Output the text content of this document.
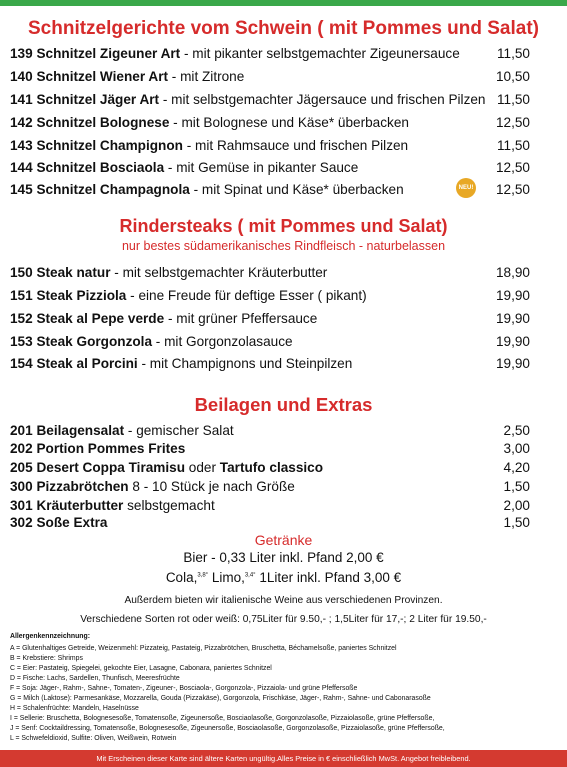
Schnitzelgerichte vom Schwein ( mit Pommes und Salat)
139 Schnitzel Zigeuner Art - mit pikanter selbstgemachter Zigeunersauce	11,50
140 Schnitzel Wiener Art - mit Zitrone	10,50
141 Schnitzel Jäger Art - mit selbstgemachter Jägersauce und frischen Pilzen 11,50
142 Schnitzel Bolognese - mit Bolognese und Käse* überbacken	12,50
143 Schnitzel Champignon - mit Rahmsauce und frischen Pilzen	11,50
144 Schnitzel Bosciaola - mit Gemüse in pikanter Sauce	12,50
145 Schnitzel Champagnola - mit Spinat und Käse* überbacken	12,50
NEU!
Rindersteaks ( mit Pommes und Salat)
nur bestes südamerikanisches Rindfleisch - naturbelassen
150 Steak natur - mit selbstgemachter Kräuterbutter	18,90
151 Steak Pizziola - eine Freude für deftige Esser ( pikant)	19,90
152 Steak al Pepe verde - mit grüner Pfeffersauce	19,90
153 Steak Gorgonzola - mit Gorgonzolasauce	19,90
154 Steak al Porcini - mit Champignons und Steinpilzen	19,90
Beilagen und Extras
201 Beilagensalat - gemischer Salat	2,50
202 Portion Pommes Frites	3,00
205 Desert Coppa Tiramisu oder Tartufo classico	4,20
300 Pizzabrötchen 8 - 10 Stück je nach Größe	1,50
301 Kräuterbutter selbstgemacht	2,00
302 Soße Extra	1,50
Getränke
Bier - 0,33 Liter inkl. Pfand 2,00 €
Cola,$^{3,8^\circ}$ Limo,$^{3,4^\circ}$ 1Liter inkl. Pfand 3,00 €
Außerdem bieten wir italienische Weine aus verschiedenen Provinzen.
Verschiedene Sorten rot oder weiß: 0,75Liter für 9.50,- ; 1,5Liter für 17,-; 2 Liter für 19.50,-
Allergenkennzeichnung:
A = Glutenhaltiges Getreide, Weizenmehl: Pizzateig, Pastateig, Pizzabrötchen, Bruschetta, Béchamelsoße, paniertes Schnitzel
B = Krebstiere: Shrimps
C = Eier: Pastateig, Spiegelei, gekochte Eier, Lasagne, Cabonara, paniertes Schnitzel
D = Fische: Lachs, Sardellen, Thunfisch, Meeresfrüchte
F = Soja: Jäger-, Rahm-, Sahne-, Tomaten-, Zigeuner-, Bosciaola-, Gorgonzola-, Pizzaiola- und grüne Pfeffersoße
G = Milch (Laktose): Parmesankäse, Mozzarella, Gouda (Pizzakäse), Gorgonzola, Frischkäse, Jäger-, Rahm-, Sahne- und Cabonarasoße
H = Schalenfrüchte: Mandeln, Haselnüsse
I = Sellerie: Bruschetta, Bolognesesoße, Tomatensoße, Zigeunersoße, Bosciaolasoße, Gorgonzolasoße, Pizzaiolasoße, grüne Pfeffersoße,
J = Senf: Cocktaildressing, Tomatensoße, Bolognesesoße, Zigeunersoße, Bosciaolasoße, Gorgonzolasoße, Pizzaiolasoße, grüne Pfeffersoße,
L = Schwefeldioxid, Sulfite: Oliven, Weißwein, Rotwein
Mit Erscheinen dieser Karte sind ältere Karten ungültig.Alles Preise in € einschließlich MwSt. Angebot freibleibend.
